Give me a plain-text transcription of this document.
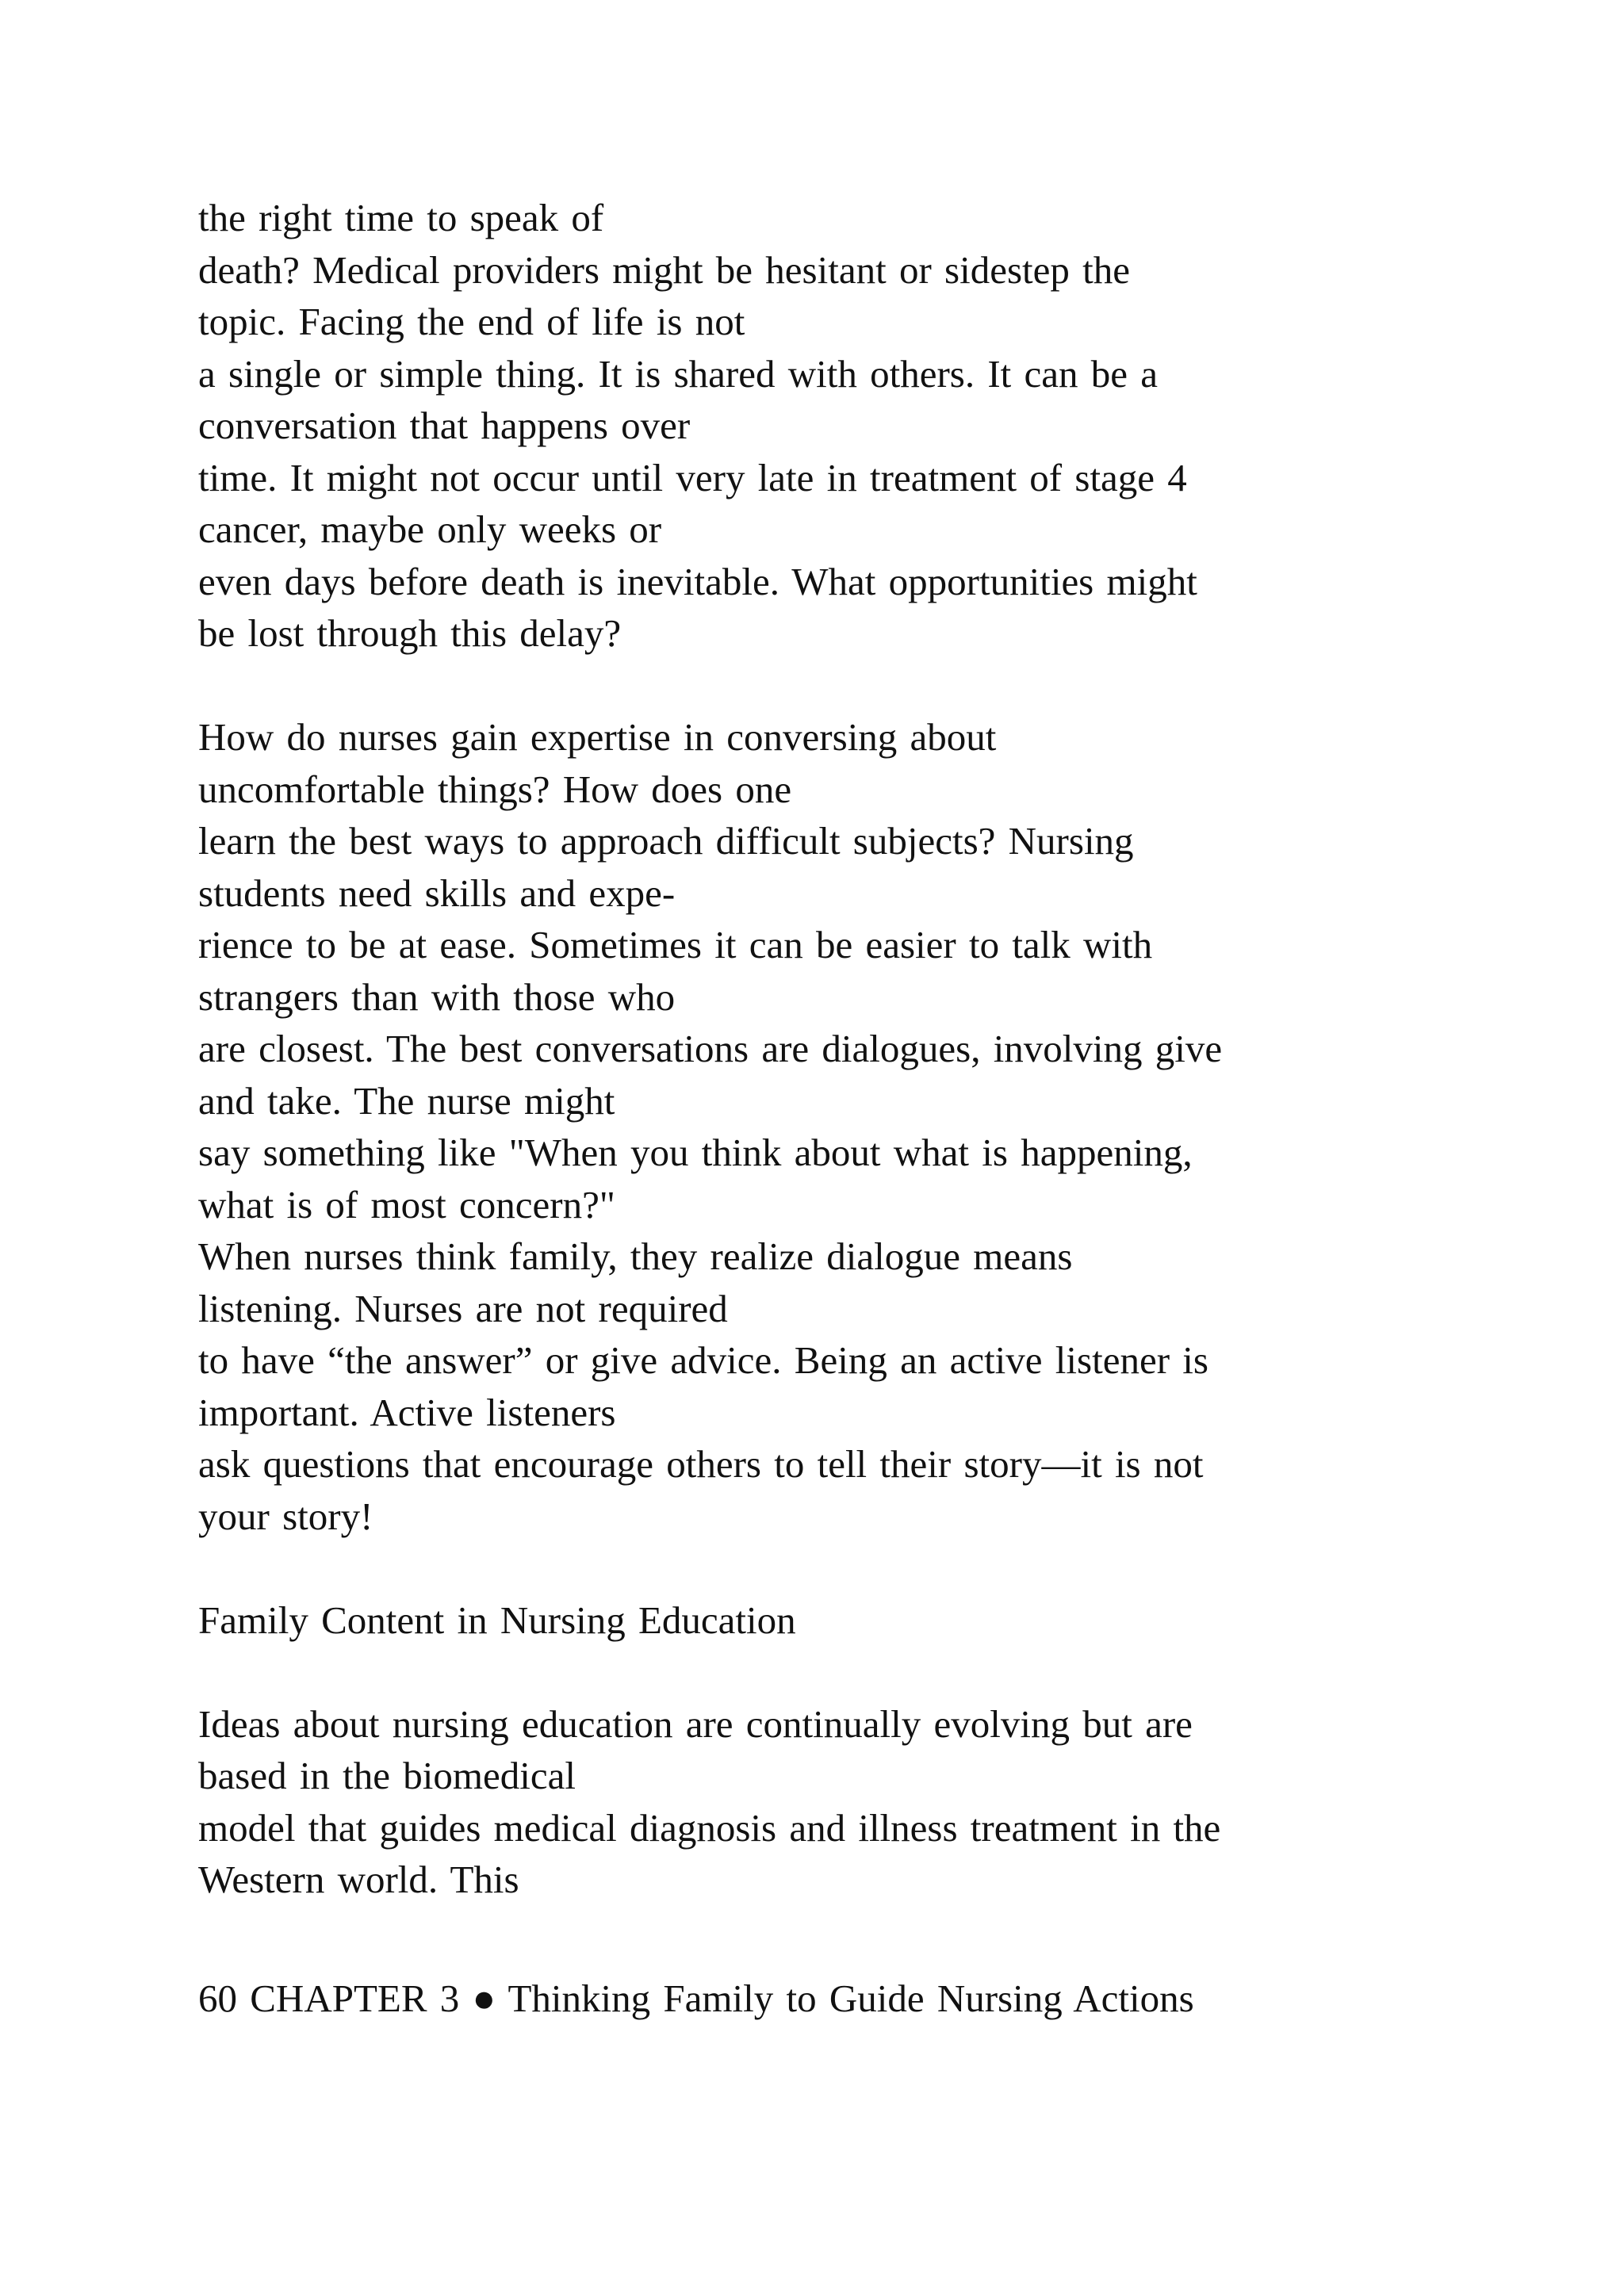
the right time to speak of
death? Medical providers might be hesitant or sidestep the
topic. Facing the end of life is not
a single or simple thing. It is shared with others. It can be a
conversation that happens over
time. It might not occur until very late in treatment of stage 4
cancer, maybe only weeks or
even days before death is inevitable. What opportunities might
be lost through this delay?
How do nurses gain expertise in conversing about
uncomfortable things? How does one
learn the best ways to approach difficult subjects? Nursing
students need skills and expe-
rience to be at ease. Sometimes it can be easier to talk with
strangers than with those who
are closest. The best conversations are dialogues, involving give
and take. The nurse might
say something like "When you think about what is happening,
what is of most concern?"
When nurses think family, they realize dialogue means
listening. Nurses are not required
to have “the answer” or give advice. Being an active listener is
important. Active listeners
ask questions that encourage others to tell their story—it is not
your story!
Family Content in Nursing Education
Ideas about nursing education are continually evolving but are
based in the biomedical
model that guides medical diagnosis and illness treatment in the
Western world. This
60 CHAPTER 3 ● Thinking Family to Guide Nursing Actions
